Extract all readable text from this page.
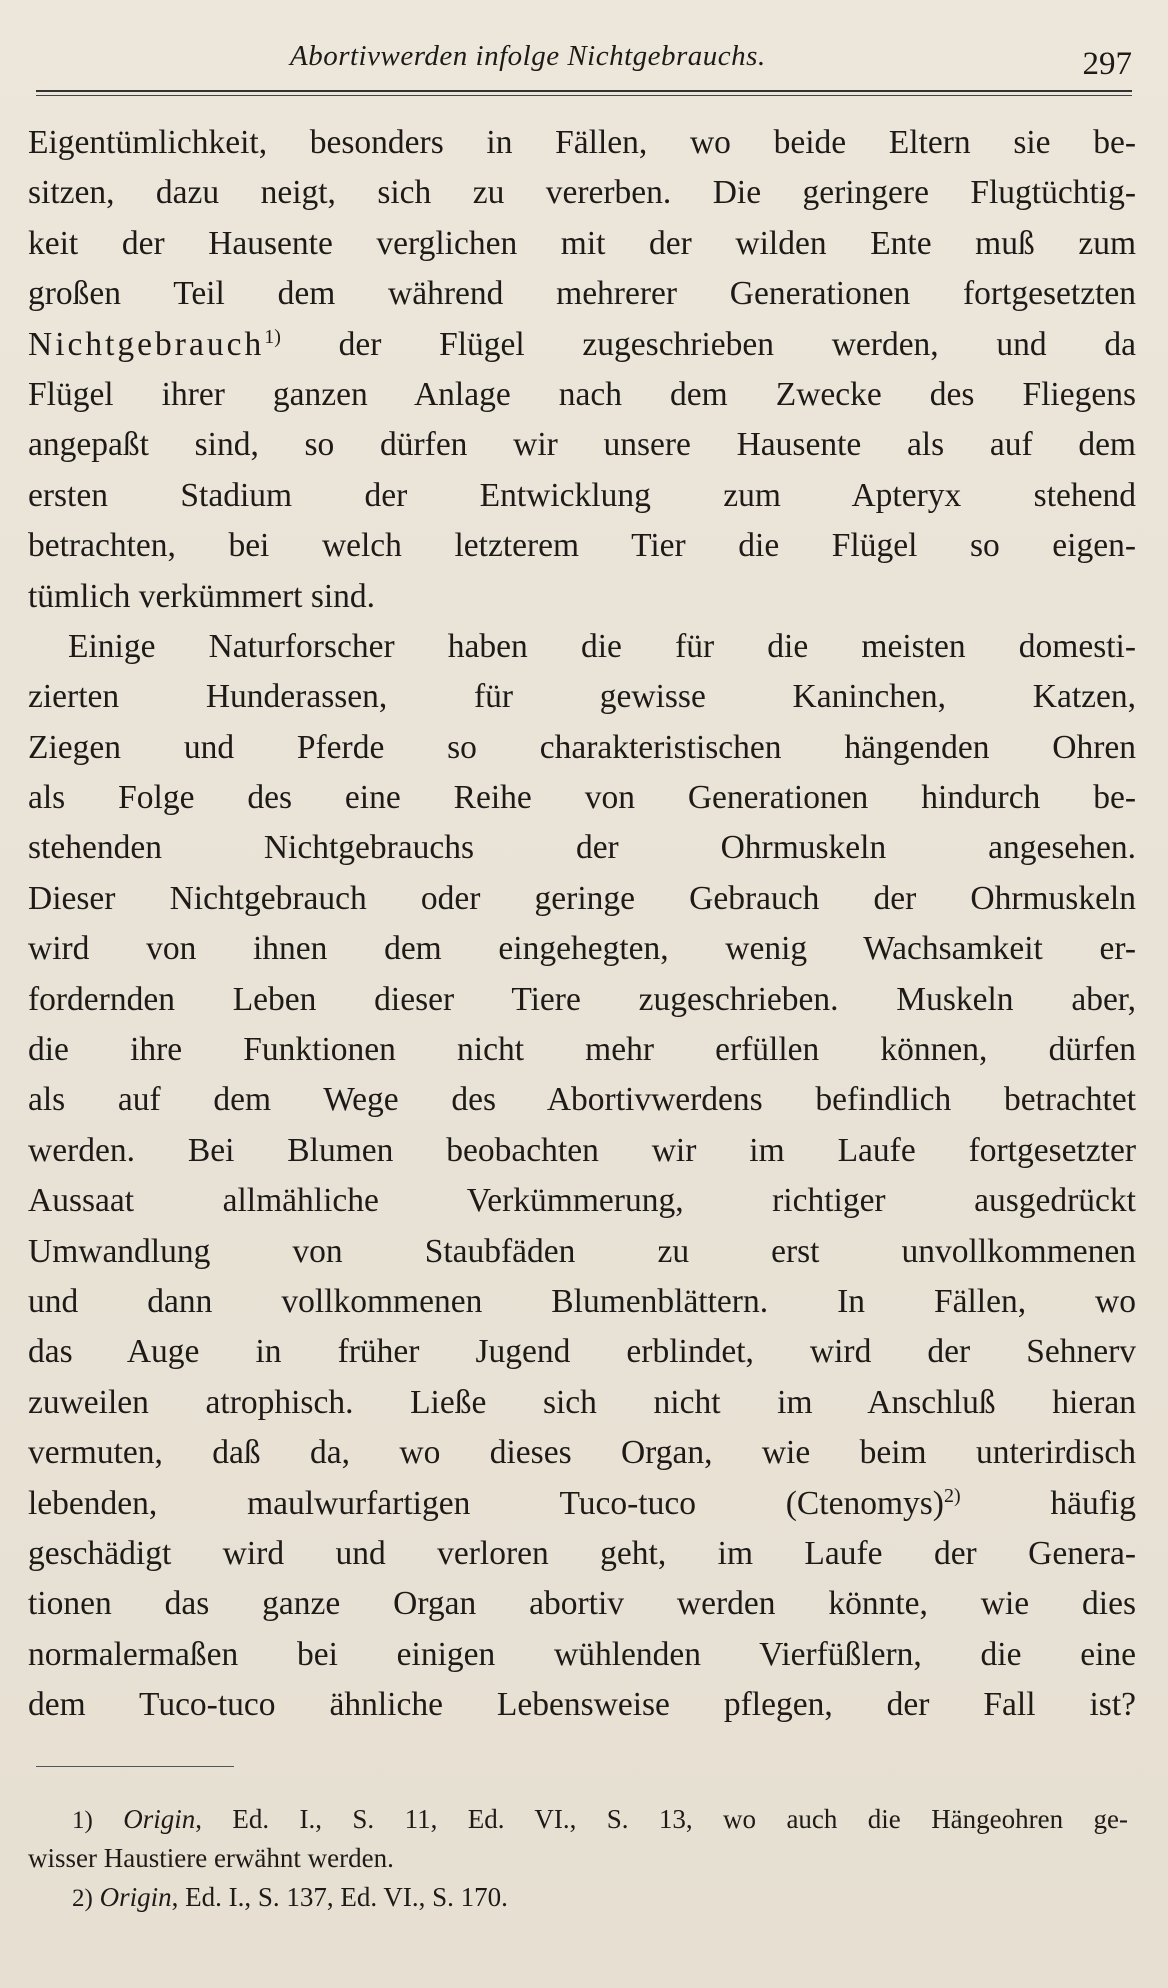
Abortivwerden infolge Nichtgebrauchs.	297
Eigentümlichkeit, besonders in Fällen, wo beide Eltern sie be-
sitzen, dazu neigt, sich zu vererben. Die geringere Flugtüchtig-
keit der Hausente verglichen mit der wilden Ente muß zum
großen Teil dem während mehrerer Generationen fortgesetzten
Nichtgebrauch$^{1)}$ der Flügel zugeschrieben werden, und da
Flügel ihrer ganzen Anlage nach dem Zwecke des Fliegens
angepaßt sind, so dürfen wir unsere Hausente als auf dem
ersten Stadium der Entwicklung zum Apteryx stehend
betrachten, bei welch letzterem Tier die Flügel so eigen-
tümlich verkümmert sind.
Einige Naturforscher haben die für die meisten domesti-
zierten Hunderassen, für gewisse Kaninchen, Katzen,
Ziegen und Pferde so charakteristischen hängenden Ohren
als Folge des eine Reihe von Generationen hindurch be-
stehenden Nichtgebrauchs der Ohrmuskeln angesehen.
Dieser Nichtgebrauch oder geringe Gebrauch der Ohrmuskeln
wird von ihnen dem eingehegten, wenig Wachsamkeit er-
fordernden Leben dieser Tiere zugeschrieben. Muskeln aber,
die ihre Funktionen nicht mehr erfüllen können, dürfen
als auf dem Wege des Abortivwerdens befindlich betrachtet
werden. Bei Blumen beobachten wir im Laufe fortgesetzter
Aussaat allmähliche Verkümmerung, richtiger ausgedrückt
Umwandlung von Staubfäden zu erst unvollkommenen
und dann vollkommenen Blumenblättern. In Fällen, wo
das Auge in früher Jugend erblindet, wird der Sehnerv
zuweilen atrophisch. Ließe sich nicht im Anschluß hieran
vermuten, daß da, wo dieses Organ, wie beim unterirdisch
lebenden, maulwurfartigen Tuco-tuco (Ctenomys)$^{2)}$ häufig
geschädigt wird und verloren geht, im Laufe der Genera-
tionen das ganze Organ abortiv werden könnte, wie dies
normalermaßen bei einigen wühlenden Vierfüßlern, die eine
dem Tuco-tuco ähnliche Lebensweise pflegen, der Fall ist?
1) Origin, Ed. I., S. 11, Ed. VI., S. 13, wo auch die Hängeohren ge-
wisser Haustiere erwähnt werden.
2) Origin, Ed. I., S. 137, Ed. VI., S. 170.
